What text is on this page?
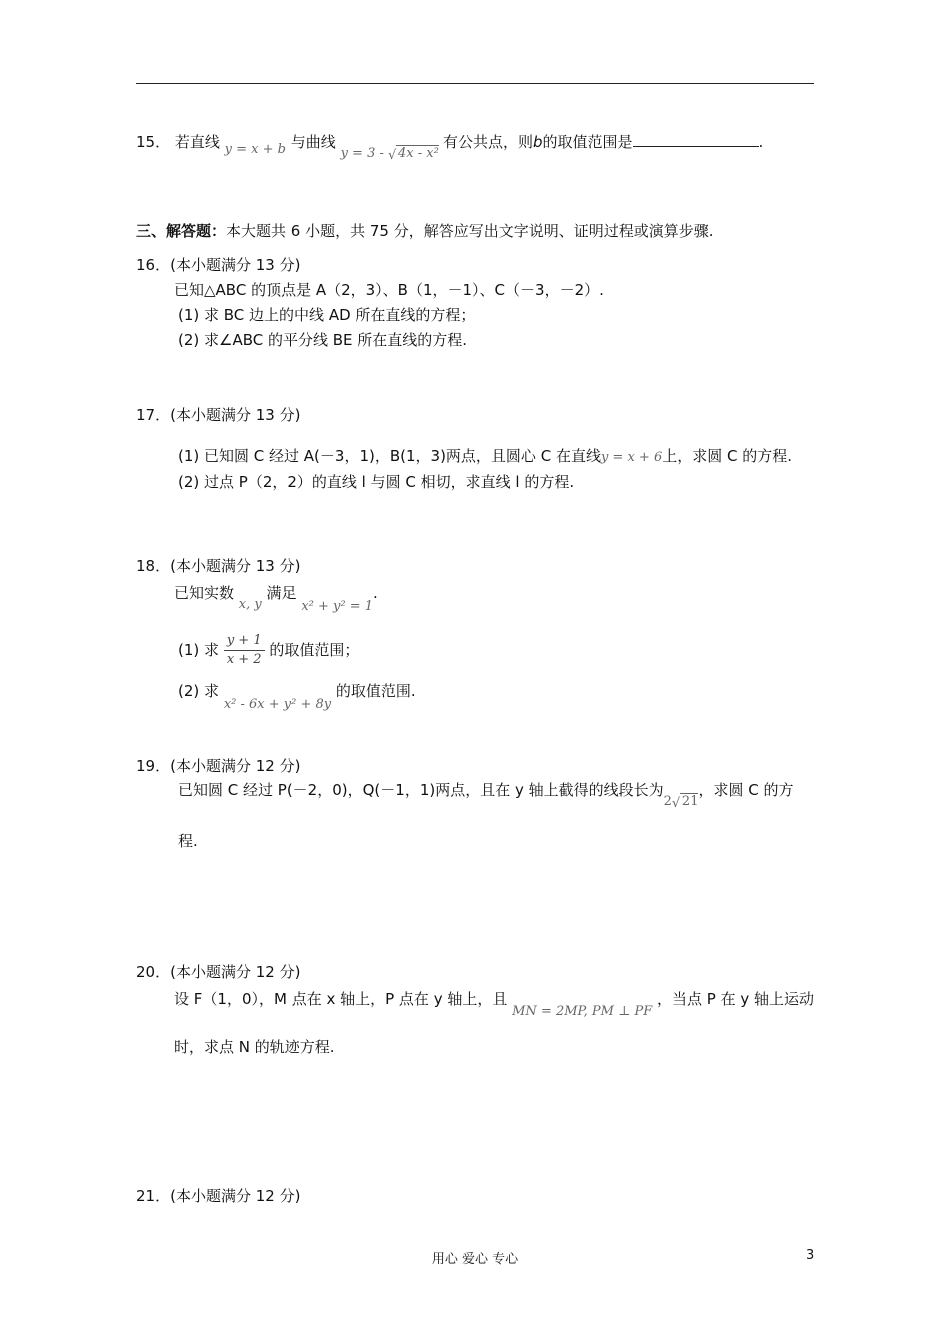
15． 若直线 y = x + b 与曲线 y = 3 - √ 4x - x² 有公共点，则b的取值范围是	.
三、解答题：本大题共 6 小题，共 75 分，解答应写出文字说明、证明过程或演算步骤.
16．(本小题满分 13 分)
已知△ABC 的顶点是 A（2，3）、B（1，－1）、C（－3，－2）.
(1) 求 BC 边上的中线 AD 所在直线的方程；
(2) 求∠ABC 的平分线 BE 所在直线的方程.
17．(本小题满分 13 分)
(1) 已知圆 C 经过 A(－3，1)，B(1，3)两点，且圆心 C 在直线y = x + 6上，求圆 C 的方程.
(2) 过点 P（2，2）的直线 l 与圆 C 相切，求直线 l 的方程.
18．(本小题满分 13 分)
已知实数 x, y 满足 x² + y² = 1.
(1) 求 $\frac{y + 1}{x + 2}$ 的取值范围；
(2) 求 x² - 6x + y² + 8y 的取值范围.
19．(本小题满分 12 分)
已知圆 C 经过 P(－2，0)，Q(－1，1)两点，且在 y 轴上截得的线段长为2 √ 21，求圆 C 的方
程.
20．(本小题满分 12 分)
设 F（1，0），M 点在 x 轴上，P 点在 y 轴上，且 MN = 2MP, PM ⊥ PF ，当点 P 在 y 轴上运动
时，求点 N 的轨迹方程.
21．(本小题满分 12 分)
用心 爱心 专心	3
